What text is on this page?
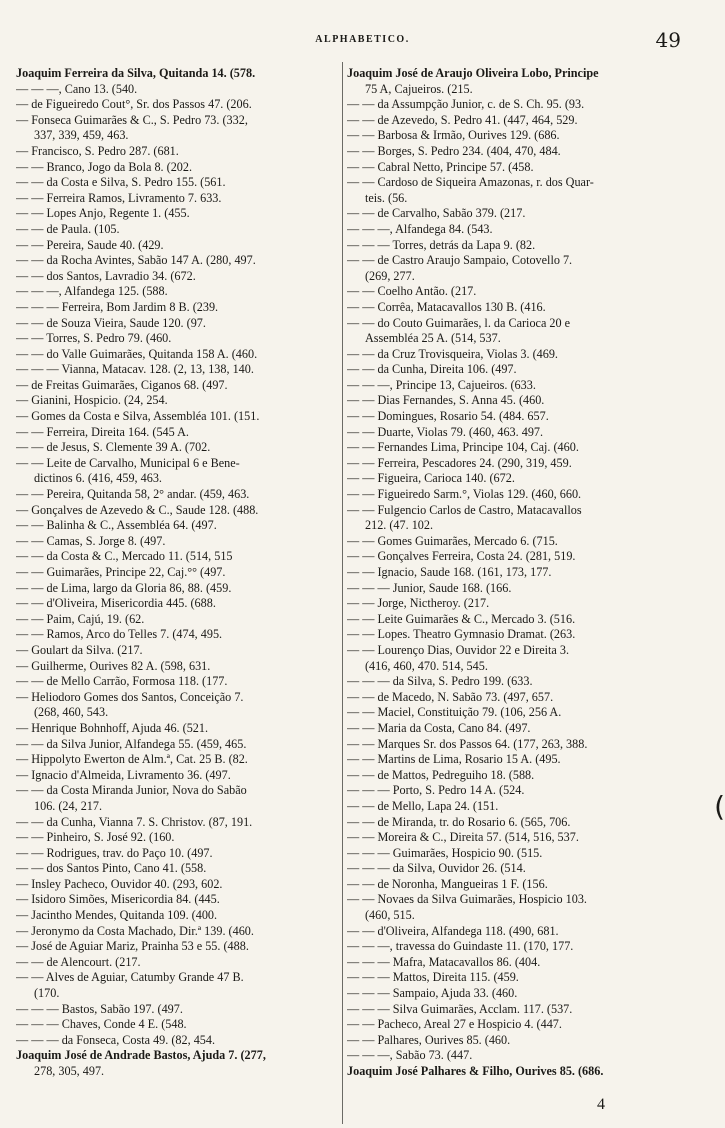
ALPHABETICO.	49
Joaquim Ferreira da Silva, Quitanda 14. (578.
— — —, Cano 13. (540.
— de Figueiredo Cout°, Sr. dos Passos 47. (206.
— Fonseca Guimarães & C., S. Pedro 73. (332,
337, 339, 459, 463.
— Francisco, S. Pedro 287. (681.
— — Branco, Jogo da Bola 8. (202.
— — da Costa e Silva, S. Pedro 155. (561.
— — Ferreira Ramos, Livramento 7. 633.
— — Lopes Anjo, Regente 1. (455.
— — de Paula. (105.
— — Pereira, Saude 40. (429.
— — da Rocha Avintes, Sabão 147 A. (280, 497.
— — dos Santos, Lavradio 34. (672.
— — —, Alfandega 125. (588.
— — — Ferreira, Bom Jardim 8 B. (239.
— — de Souza Vieira, Saude 120. (97.
— — Torres, S. Pedro 79. (460.
— — do Valle Guimarães, Quitanda 158 A. (460.
— — — Vianna, Matacav. 128. (2, 13, 138, 140.
— de Freitas Guimarães, Ciganos 68. (497.
— Gianini, Hospicio. (24, 254.
— Gomes da Costa e Silva, Assembléa 101. (151.
— — Ferreira, Direita 164. (545 A.
— — de Jesus, S. Clemente 39 A. (702.
— — Leite de Carvalho, Municipal 6 e Bene-
dictinos 6. (416, 459, 463.
— — Pereira, Quitanda 58, 2° andar. (459, 463.
— Gonçalves de Azevedo & C., Saude 128. (488.
— — Balinha & C., Assembléa 64. (497.
— — Camas, S. Jorge 8. (497.
— — da Costa & C., Mercado 11. (514, 515
— — Guimarães, Principe 22, Caj.°° (497.
— — de Lima, largo da Gloria 86, 88. (459.
— — d'Oliveira, Misericordia 445. (688.
— — Paim, Cajú, 19. (62.
— — Ramos, Arco do Telles 7. (474, 495.
— Goulart da Silva. (217.
— Guilherme, Ourives 82 A. (598, 631.
— — de Mello Carrão, Formosa 118. (177.
— Heliodoro Gomes dos Santos, Conceição 7.
(268, 460, 543.
— Henrique Bohnhoff, Ajuda 46. (521.
— — da Silva Junior, Alfandega 55. (459, 465.
— Hippolyto Ewerton de Alm.ª, Cat. 25 B. (82.
— Ignacio d'Almeida, Livramento 36. (497.
— — da Costa Miranda Junior, Nova do Sabão
106. (24, 217.
— — da Cunha, Vianna 7. S. Christov. (87, 191.
— — Pinheiro, S. José 92. (160.
— — Rodrigues, trav. do Paço 10. (497.
— — dos Santos Pinto, Cano 41. (558.
— Insley Pacheco, Ouvidor 40. (293, 602.
— Isidoro Simões, Misericordia 84. (445.
— Jacintho Mendes, Quitanda 109. (400.
— Jeronymo da Costa Machado, Dir.ª 139. (460.
— José de Aguiar Mariz, Prainha 53 e 55. (488.
— — de Alencourt. (217.
— — Alves de Aguiar, Catumby Grande 47 B.
(170.
— — — Bastos, Sabão 197. (497.
— — — Chaves, Conde 4 E. (548.
— — — da Fonseca, Costa 49. (82, 454.
Joaquim José de Andrade Bastos, Ajuda 7. (277,
278, 305, 497.
Joaquim José de Araujo Oliveira Lobo, Principe
75 A, Cajueiros. (215.
— — da Assumpção Junior, c. de S. Ch. 95. (93.
— — de Azevedo, S. Pedro 41. (447, 464, 529.
— — Barbosa & Irmão, Ourives 129. (686.
— — Borges, S. Pedro 234. (404, 470, 484.
— — Cabral Netto, Principe 57. (458.
— — Cardoso de Siqueira Amazonas, r. dos Quar-
teis. (56.
— — de Carvalho, Sabão 379. (217.
— — —, Alfandega 84. (543.
— — — Torres, detrás da Lapa 9. (82.
— — de Castro Araujo Sampaio, Cotovello 7.
(269, 277.
— — Coelho Antão. (217.
— — Corrêa, Matacavallos 130 B. (416.
— — do Couto Guimarães, l. da Carioca 20 e
Assembléa 25 A. (514, 537.
— — da Cruz Trovisqueira, Violas 3. (469.
— — da Cunha, Direita 106. (497.
— — —, Principe 13, Cajueiros. (633.
— — Dias Fernandes, S. Anna 45. (460.
— — Domingues, Rosario 54. (484. 657.
— — Duarte, Violas 79. (460, 463. 497.
— — Fernandes Lima, Principe 104, Caj. (460.
— — Ferreira, Pescadores 24. (290, 319, 459.
— — Figueira, Carioca 140. (672.
— — Figueiredo Sarm.°, Violas 129. (460, 660.
— — Fulgencio Carlos de Castro, Matacavallos
212. (47. 102.
— — Gomes Guimarães, Mercado 6. (715.
— — Gonçalves Ferreira, Costa 24. (281, 519.
— — Ignacio, Saude 168. (161, 173, 177.
— — — Junior, Saude 168. (166.
— — Jorge, Nictheroy. (217.
— — Leite Guimarães & C., Mercado 3. (516.
— — Lopes. Theatro Gymnasio Dramat. (263.
— — Lourenço Dias, Ouvidor 22 e Direita 3.
(416, 460, 470. 514, 545.
— — — da Silva, S. Pedro 199. (633.
— — de Macedo, N. Sabão 73. (497, 657.
— — Maciel, Constituição 79. (106, 256 A.
— — Maria da Costa, Cano 84. (497.
— — Marques Sr. dos Passos 64. (177, 263, 388.
— — Martins de Lima, Rosario 15 A. (495.
— — de Mattos, Pedreguiho 18. (588.
— — — Porto, S. Pedro 14 A. (524.
— — de Mello, Lapa 24. (151.
— — de Miranda, tr. do Rosario 6. (565, 706.
— — Moreira & C., Direita 57. (514, 516, 537.
— — — Guimarães, Hospicio 90. (515.
— — — da Silva, Ouvidor 26. (514.
— — de Noronha, Mangueiras 1 F. (156.
— — Novaes da Silva Guimarães, Hospicio 103.
(460, 515.
— — d'Oliveira, Alfandega 118. (490, 681.
— — —, travessa do Guindaste 11. (170, 177.
— — — Mafra, Matacavallos 86. (404.
— — — Mattos, Direita 115. (459.
— — — Sampaio, Ajuda 33. (460.
— — — Silva Guimarães, Acclam. 117. (537.
— — Pacheco, Areal 27 e Hospicio 4. (447.
— — Palhares, Ourives 85. (460.
— — —, Sabão 73. (447.
Joaquim José Palhares & Filho, Ourives 85. (686.
4
(
